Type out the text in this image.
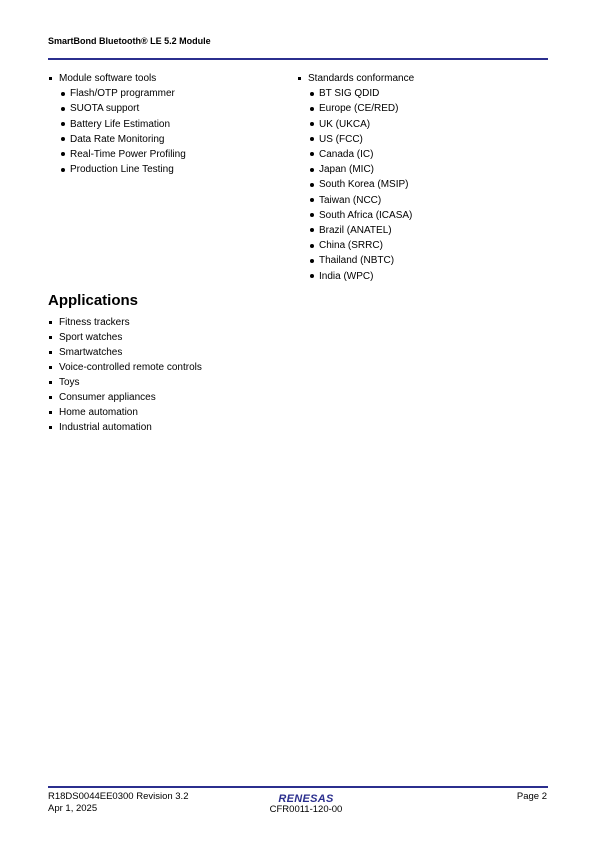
SmartBond Bluetooth® LE 5.2 Module
Module software tools
Flash/OTP programmer
SUOTA support
Battery Life Estimation
Data Rate Monitoring
Real-Time Power Profiling
Production Line Testing
Standards conformance
BT SIG QDID
Europe (CE/RED)
UK (UKCA)
US (FCC)
Canada (IC)
Japan (MIC)
South Korea (MSIP)
Taiwan (NCC)
South Africa (ICASA)
Brazil (ANATEL)
China (SRRC)
Thailand (NBTC)
India (WPC)
Applications
Fitness trackers
Sport watches
Smartwatches
Voice-controlled remote controls
Toys
Consumer appliances
Home automation
Industrial automation
R18DS0044EE0300 Revision 3.2
Apr 1, 2025
RENESAS
CFR0011-120-00
Page 2
